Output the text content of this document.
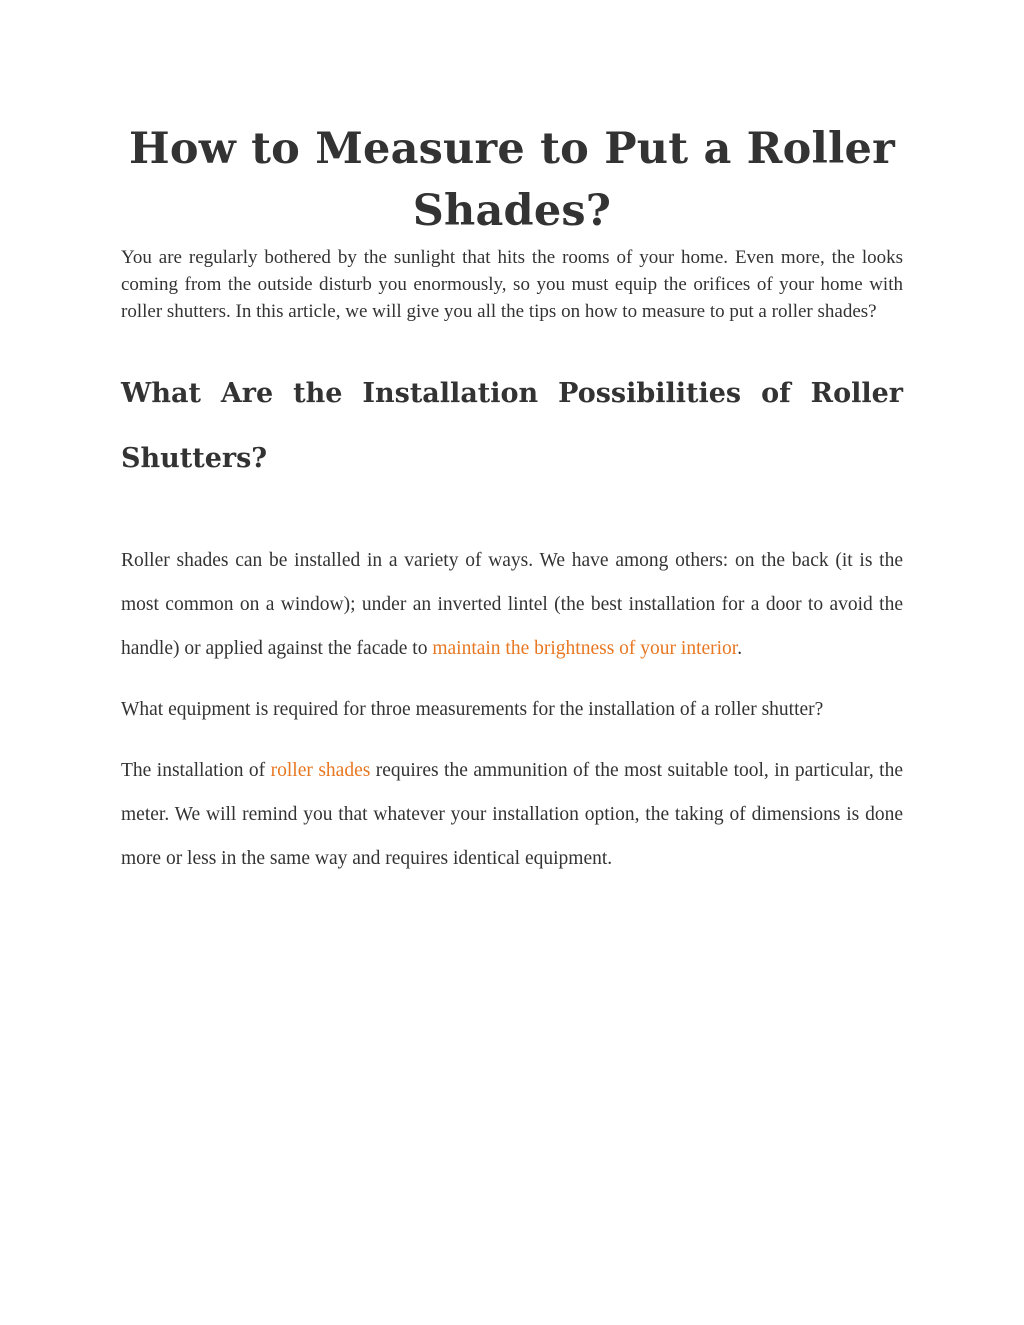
How to Measure to Put a Roller Shades?

You are regularly bothered by the sunlight that hits the rooms of your home. Even more, the looks coming from the outside disturb you enormously, so you must equip the orifices of your home with roller shutters. In this article, we will give you all the tips on how to measure to put a roller shades?

What Are the Installation Possibilities of Roller Shutters?

Roller shades can be installed in a variety of ways. We have among others: on the back (it is the most common on a window); under an inverted lintel (the best installation for a door to avoid the handle) or applied against the facade to maintain the brightness of your interior.

What equipment is required for throe measurements for the installation of a roller shutter?

The installation of roller shades requires the ammunition of the most suitable tool, in particular, the meter. We will remind you that whatever your installation option, the taking of dimensions is done more or less in the same way and requires identical equipment.
